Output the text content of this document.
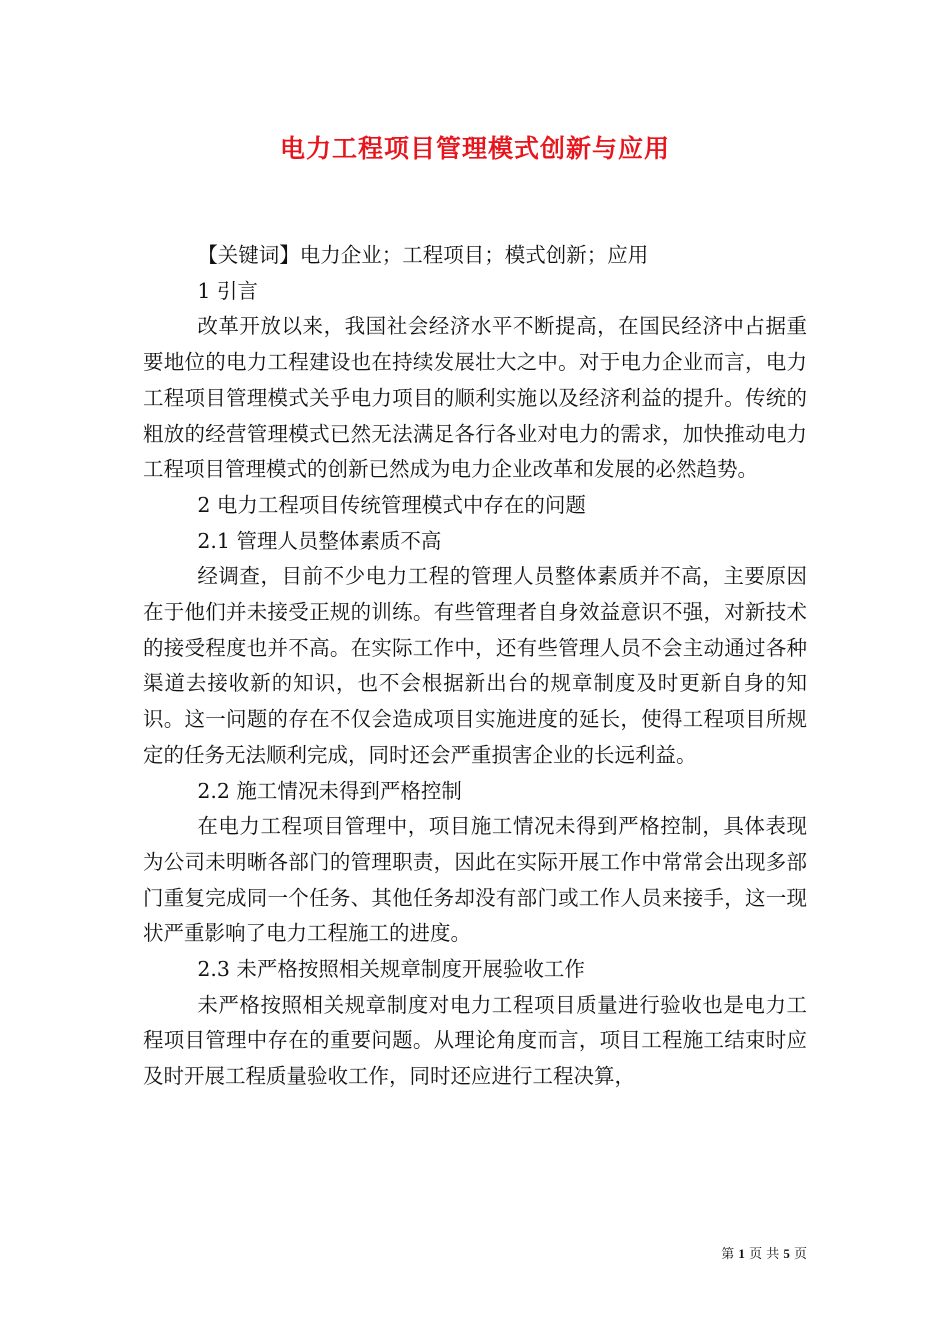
电力工程项目管理模式创新与应用

【关键词】电力企业；工程项目；模式创新；应用

1 引言

改革开放以来，我国社会经济水平不断提高，在国民经济中占据重要地位的电力工程建设也在持续发展壮大之中。对于电力企业而言，电力工程项目管理模式关乎电力项目的顺利实施以及经济利益的提升。传统的粗放的经营管理模式已然无法满足各行各业对电力的需求，加快推动电力工程项目管理模式的创新已然成为电力企业改革和发展的必然趋势。

2 电力工程项目传统管理模式中存在的问题

2.1 管理人员整体素质不高

经调查，目前不少电力工程的管理人员整体素质并不高，主要原因在于他们并未接受正规的训练。有些管理者自身效益意识不强，对新技术的接受程度也并不高。在实际工作中，还有些管理人员不会主动通过各种渠道去接收新的知识，也不会根据新出台的规章制度及时更新自身的知识。这一问题的存在不仅会造成项目实施进度的延长，使得工程项目所规定的任务无法顺利完成，同时还会严重损害企业的长远利益。

2.2 施工情况未得到严格控制

在电力工程项目管理中，项目施工情况未得到严格控制，具体表现为公司未明晰各部门的管理职责，因此在实际开展工作中常常会出现多部门重复完成同一个任务、其他任务却没有部门或工作人员来接手，这一现状严重影响了电力工程施工的进度。

2.3 未严格按照相关规章制度开展验收工作

未严格按照相关规章制度对电力工程项目质量进行验收也是电力工程项目管理中存在的重要问题。从理论角度而言，项目工程施工结束时应及时开展工程质量验收工作，同时还应进行工程决算，

第 1 页 共 5 页
